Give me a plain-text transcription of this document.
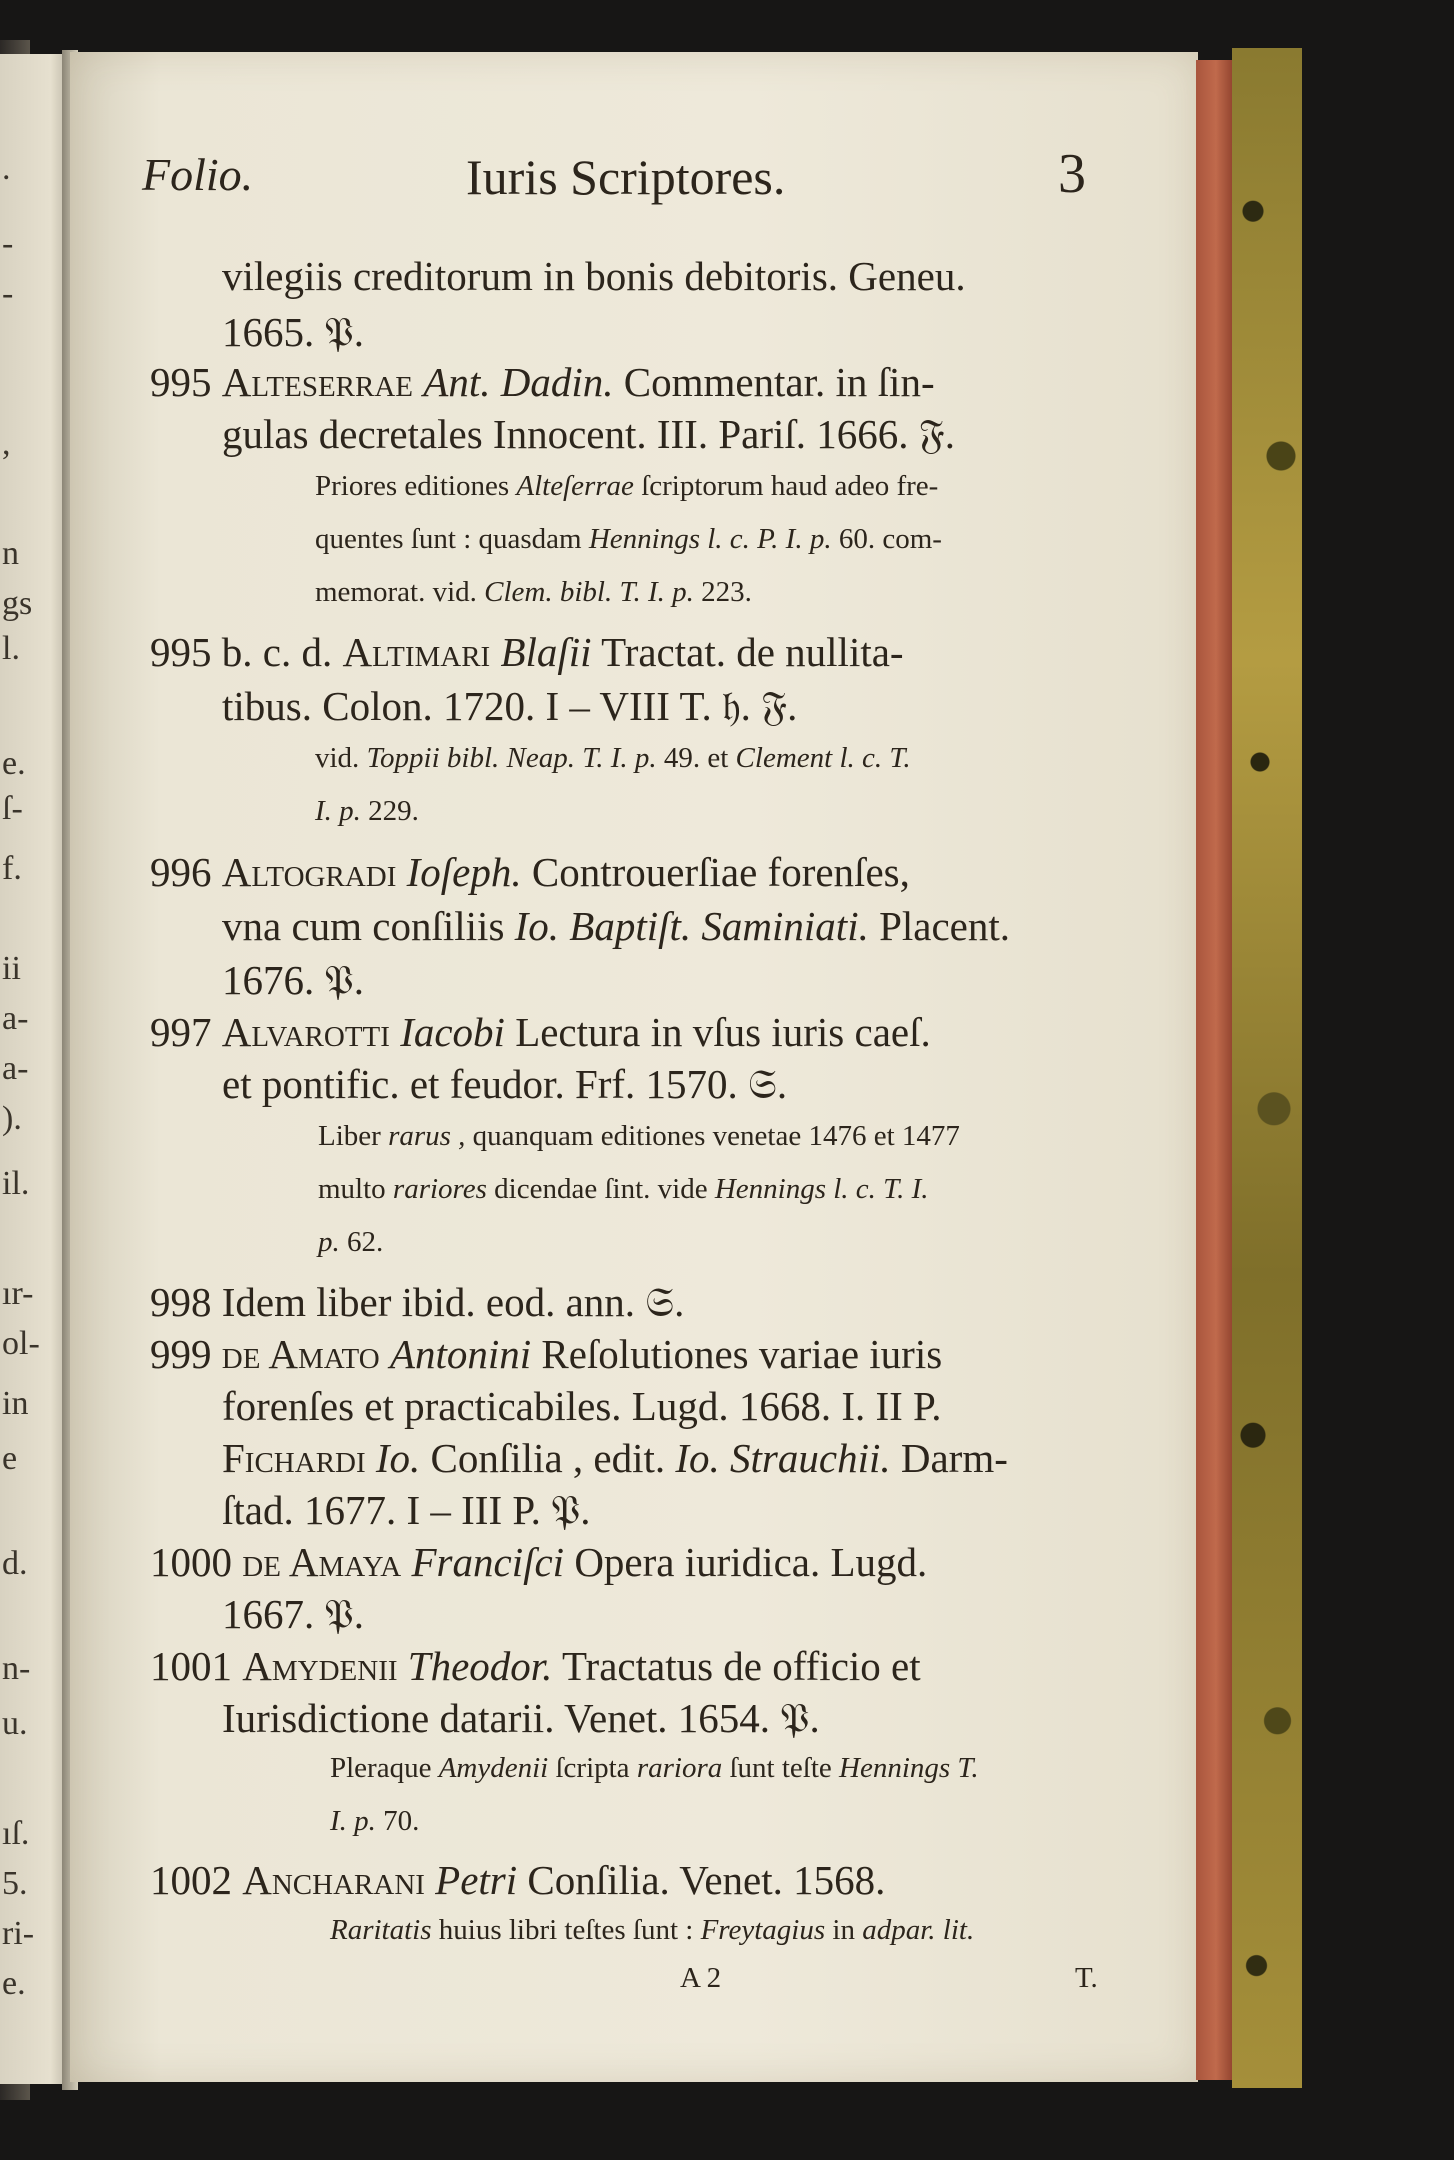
.
-
-
,
n
gs
l.
e.
ſ-
f.
ii
a-
a-
).
il.
ır-
ol-
in
e
d.
n-
u.
ıſ.
5.
ri-
e.
Folio.	Iuris Scriptores.	3
vilegiis creditorum in bonis debitoris. Geneu.
1665. 𝔓.
995 Alteserrae Ant. Dadin. Commentar. in ſin-
gulas decretales Innocent. III. Pariſ. 1666. 𝔉.
Priores editiones Alteſerrae ſcriptorum haud adeo fre-
quentes ſunt : quasdam Hennings l. c. P. I. p. 60. com-
memorat. vid. Clem. bibl. T. I. p. 223.
995 b. c. d. Altimari Blaſii Tractat. de nullita-
tibus. Colon. 1720. I – VIII T. 𝔥. 𝔉.
vid. Toppii bibl. Neap. T. I. p. 49. et Clement l. c. T.
I. p. 229.
996 Altogradi Ioſeph. Controuerſiae forenſes,
vna cum conſiliis Io. Baptiſt. Saminiati. Placent.
1676. 𝔓.
997 Alvarotti Iacobi Lectura in vſus iuris caeſ.
et pontific. et feudor. Frf. 1570. 𝔖.
Liber rarus , quanquam editiones venetae 1476 et 1477
multo rariores dicendae ſint. vide Hennings l. c. T. I.
p. 62.
998 Idem liber ibid. eod. ann. 𝔖.
999 de Amato Antonini Reſolutiones variae iuris
forenſes et practicabiles. Lugd. 1668. I. II P.
Fichardi Io. Conſilia , edit. Io. Strauchii. Darm-
ſtad. 1677. I – III P. 𝔓.
1000 de Amaya Franciſci Opera iuridica. Lugd.
1667. 𝔓.
1001 Amydenii Theodor. Tractatus de officio et
Iurisdictione datarii. Venet. 1654. 𝔓.
Pleraque Amydenii ſcripta rariora ſunt teſte Hennings T.
I. p. 70.
1002 Ancharani Petri Conſilia. Venet. 1568.
Raritatis huius libri teſtes ſunt : Freytagius in adpar. lit.
A 2	T.
